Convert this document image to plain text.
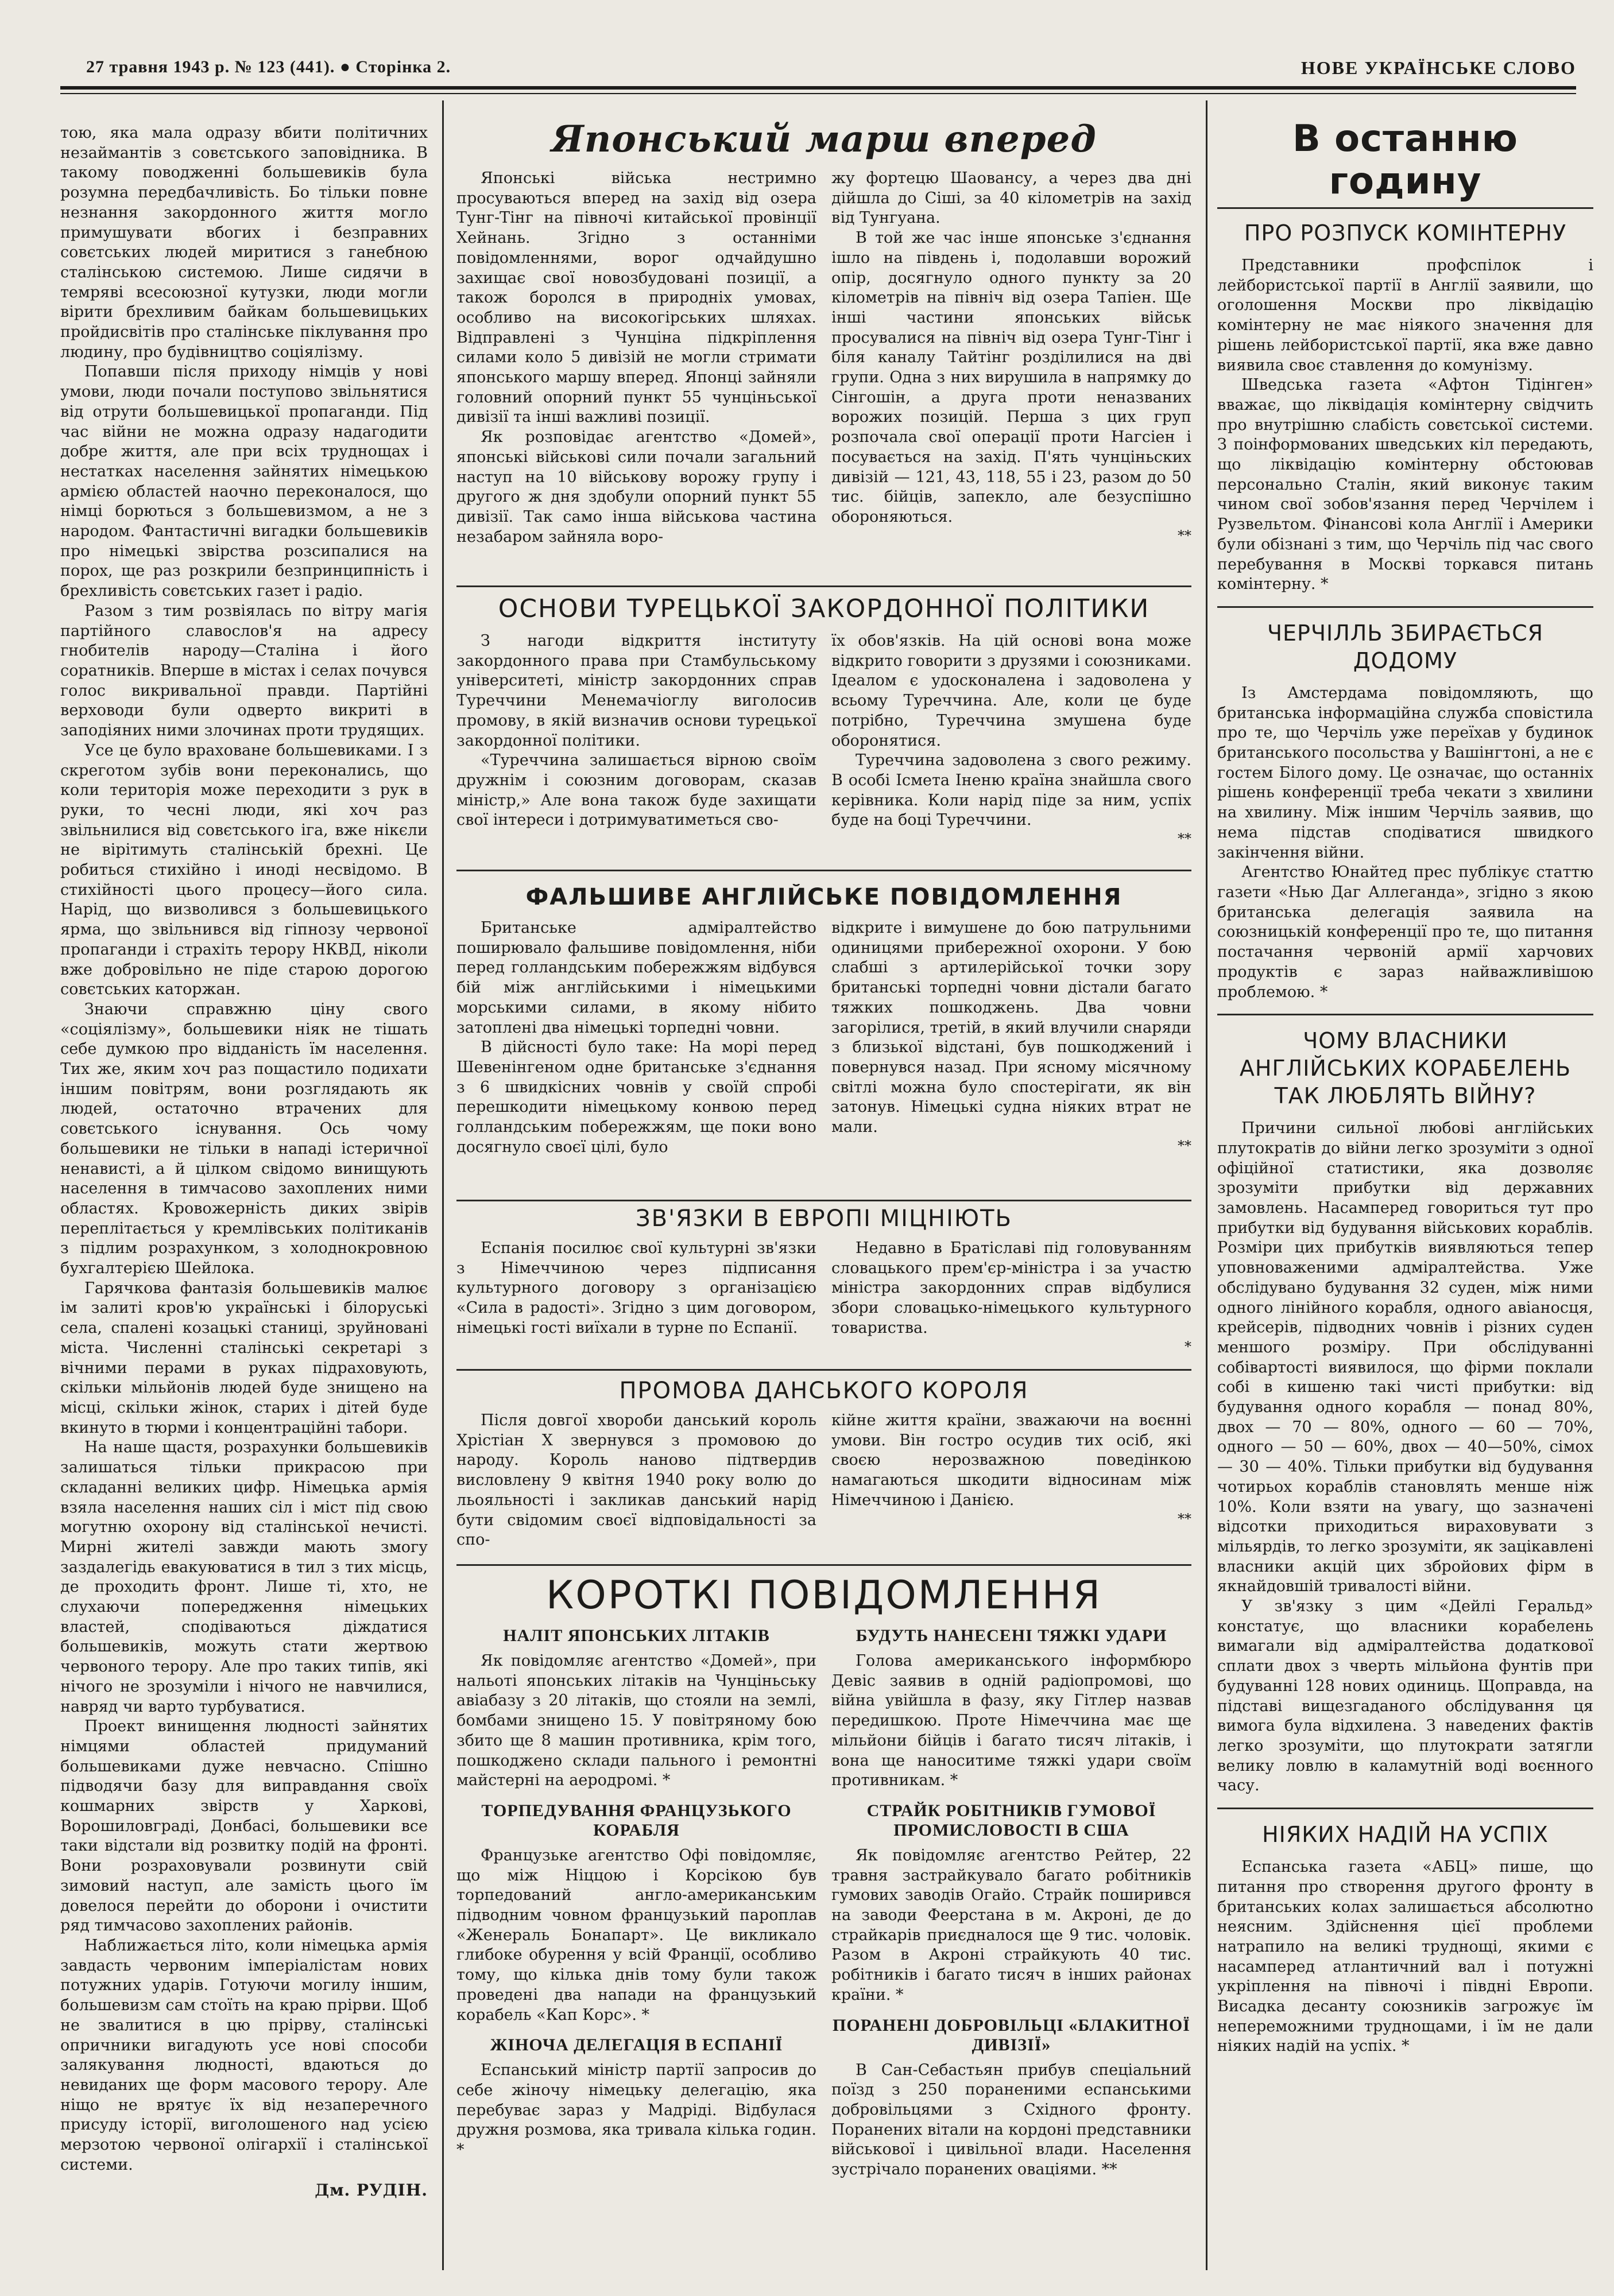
27 травня 1943 р. № 123 (441). ● Сторінка 2.	НОВЕ УКРАЇНСЬКЕ СЛОВО

тою, яка мала одразу вбити політичних незаймантів з совєтського заповідника. В такому поводженні большевиків була розумна передбачливість. Бо тільки повне незнання закордонного життя могло примушувати вбогих і безправних совєтських людей миритися з ганебною сталінською системою. Лише сидячи в темряві всесоюзної кутузки, люди могли вірити брехливим байкам большевицьких пройдисвітів про сталінське піклування про людину, про будівництво соціялізму.

Попавши після приходу німців у нові умови, люди почали поступово звільнятися від отрути большевицької пропаганди. Під час війни не можна одразу надагодити добре життя, але при всіх труднощах і нестатках населення зайнятих німецькою армією областей наочно переконалося, що німці борються з большевизмом, а не з народом. Фантастичні вигадки большевиків про німецькі звірства розсипалися на порох, ще раз розкрили безпринципність і брехливість совєтських газет і радіо.

Разом з тим розвіялась по вітру магія партійного славослов'я на адресу гнобителів народу—Сталіна і його соратників. Вперше в містах і селах почувся голос викривальної правди. Партійні верховоди були одверто викриті в заподіяних ними злочинах проти трудящих.

Усе це було враховане большевиками. І з скреготом зубів вони переконались, що коли територія може переходити з рук в руки, то чесні люди, які хоч раз звільнилися від совєтського іга, вже нікєли не вірітимуть сталінській брехні. Це робиться стихійно і иноді несвідомо. В стихійності цього процесу—його сила. Нарід, що визволився з большевицького ярма, що звільнився від гіпнозу червоної пропаганди і страхіть терору НКВД, ніколи вже добровільно не піде старою дорогою совєтських каторжан.

Знаючи справжню ціну свого «соціялізму», большевики ніяк не тішать себе думкою про відданість їм населення. Тих же, яким хоч раз пощастило подихати іншим повітрям, вони розглядають як людей, остаточно втрачених для совєтського існування. Ось чому большевики не тільки в нападі істеричної ненависті, а й цілком свідомо винищують населення в тимчасово захоплених ними областях. Кровожерність диких звірів переплітається у кремлівських політиканів з підлим розрахунком, з холоднокровною бухгалтерією Шейлока.

Гарячкова фантазія большевиків малює ім залиті кров'ю українські і білоруські села, спалені козацькі станиці, зруйновані міста. Численні сталінські секретарі з вічними перами в руках підраховують, скільки мільйонів людей буде знищено на місці, скільки жінок, старих і дітей буде вкинуто в тюрми і концентраційні табори.

На наше щастя, розрахунки большевиків залишаться тільки прикрасою при складанні великих цифр. Німецька армія взяла населення наших сіл і міст під свою могутню охорону від сталінської нечисті. Мирні жителі завжди мають змогу заздалегідь евакуюватися в тил з тих місць, де проходить фронт. Лише ті, хто, не слухаючи попередження німецьких властей, сподіваються діждатися большевиків, можуть стати жертвою червоного терору. Але про таких типів, які нічого не зрозуміли і нічого не навчилися, навряд чи варто турбуватися.

Проект винищення людності зайнятих німцями областей придуманий большевиками дуже невчасно. Спішно підводячи базу для виправдання своїх кошмарних звірств у Харкові, Ворошиловграді, Донбасі, большевики все таки відстали від розвитку подій на фронті. Вони розраховували розвинути свій зимовий наступ, але замість цього їм довелося перейти до оборони і очистити ряд тимчасово захоплених районів.

Наближається літо, коли німецька армія завдасть червоним імперіалістам нових потужних ударів. Готуючи могилу іншим, большевизм сам стоїть на краю прірви. Щоб не звалитися в цю прірву, сталінські опричники вигадують усе нові способи залякування людності, вдаються до невиданих ще форм масового терору. Але ніщо не врятує їх від незаперечного присуду історії, виголошеного над усією мерзотою червоної олігархії і сталінської системи.

Дм. РУДІН.
Японський марш вперед

Японські війська нестримно просуваються вперед на захід від озера Тунг-Тінг на півночі китайської провінції Хейнань. Згідно з останніми повідомленнями, ворог одчайдушно захищає свої новозбудовані позиції, а також боролся в природніх умовах, особливо на високогірських шляхах. Відправлені з Чунціна підкріплення силами коло 5 дивізій не могли стримати японського маршу вперед. Японці зайняли головний опорний пункт 55 чунціньської дивізії та інші важливі позиції.

Як розповідає агентство «Домей», японські військові сили почали загальний наступ на 10 військову ворожу групу і другого ж дня здобули опорний пункт 55 дивізії. Так само інша військова частина незабаром зайняла воро-

жу фортецю Шаовансу, а через два дні дійшла до Сіші, за 40 кілометрів на захід від Тунгуана.

В той же час інше японське з'єднання ішло на південь і, подолавши ворожий опір, досягнуло одного пункту за 20 кілометрів на північ від озера Тапіен. Ще інші частини японських військ просувалися на північ від озера Тунг-Тінг і біля каналу Тайтінг розділилися на дві групи. Одна з них вирушила в напрямку до Сінгошін, а друга проти неназваних ворожих позицій. Перша з цих груп розпочала свої операції проти Нагсіен і посувається на захід. П'ять чунціньских дивізій — 121, 43, 118, 55 і 23, разом до 50 тис. бійців, запекло, але безуспішно обороняються.

**
ОСНОВИ ТУРЕЦЬКОЇ ЗАКОРДОННОЇ ПОЛІТИКИ

З нагоди відкриття інституту закордонного права при Стамбульському університеті, міністр закордонних справ Туреччини Менемачіоглу виголосив промову, в якій визначив основи турецької закордонної політики.

«Туреччина залишається вірною своїм дружнім і союзним договорам, сказав міністр,» Але вона також буде захищати свої інтереси і дотримуватиметься сво-

їх обов'язків. На цій основі вона може відкрито говорити з друзями і союзниками. Ідеалом є удосконалена і задоволена у всьому Туреччина. Але, коли це буде потрібно, Туреччина змушена буде оборонятися.

Туреччина задоволена з свого режиму. В особі Ісмета Іненю країна знайшла свого керівника. Коли нарід піде за ним, успіх буде на боці Туреччини.

**
ФАЛЬШИВЕ АНГЛІЙСЬКЕ ПОВІДОМЛЕННЯ

Британське адміралтейство поширювало фальшиве повідомлення, ніби перед голландським побережжям відбувся бій між англійськими і німецькими морськими силами, в якому нібито затоплені два німецькі торпедні човни.

В дійсності було таке: На морі перед Шевенінгеном одне британське з'єднання з 6 швидкісних човнів у своїй спробі перешкодити німецькому конвою перед голландським побережжям, ще поки воно досягнуло своєї цілі, було

відкрите і вимушене до бою патрульними одиницями прибережної охорони. У бою слабші з артилерійської точки зору британські торпедні човни дістали багато тяжких пошкоджень. Два човни загорілися, третій, в який влучили снаряди з близької відстані, був пошкоджений і повернувся назад. При ясному місячному світлі можна було спостерігати, як він затонув. Німецькі судна ніяких втрат не мали.

**
ЗВ'ЯЗКИ В ЕВРОПІ МІЦНІЮТЬ

Еспанія посилює свої культурні зв'язки з Німеччиною через підписання культурного договору з організацією «Сила в радості». Згідно з цим договором, німецькі гості виїхали в турне по Еспанії.

Недавно в Братіславі під головуванням словацького прем'єр-міністра і за участю міністра закордонних справ відбулися збори словацько-німецького культурного товариства.

*
ПРОМОВА ДАНСЬКОГО КОРОЛЯ

Після довгої хвороби данський король Хрістіан Х звернувся з промовою до народу. Король наново підтвердив висловлену 9 квітня 1940 року волю до льояльності і закликав данський нарід бути свідомим своєї відповідальності за спо-

кійне життя країни, зважаючи на воєнні умови. Він гостро осудив тих осіб, які своєю нерозважною поведінкою намагаються шкодити відносинам між Німеччиною і Данією.

**
КОРОТКІ ПОВІДОМЛЕННЯ
НАЛІТ ЯПОНСЬКИХ ЛІТАКІВ

Як повідомляє агентство «Домей», при нальоті японських літаків на Чунціньську авіабазу з 20 літаків, що стояли на землі, бомбами знищено 15. У повітряному бою збито ще 8 машин противника, крім того, пошкоджено склади пального і ремонтні майстерні на аеродромі. *

ТОРПЕДУВАННЯ ФРАНЦУЗЬКОГО КОРАБЛЯ

Французьке агентство Офі повідомляє, що між Ніццою і Корсікою був торпедований англо-американським підводним човном французький пароплав «Женераль Бонапарт». Це викликало глибоке обурення у всій Франції, особливо тому, що кілька днів тому були також проведені два напади на французький корабель «Кап Корс». *

ЖІНОЧА ДЕЛЕГАЦІЯ В ЕСПАНІЇ

Еспанський міністр партії запросив до себе жіночу німецьку делегацію, яка перебуває зараз у Мадріді. Відбулася дружня розмова, яка тривала кілька годин. *

БУДУТЬ НАНЕСЕНІ ТЯЖКІ УДАРИ

Голова американського інформбюро Девіс заявив в одній радіопромові, що війна увійшла в фазу, яку Гітлер назвав передишкою. Проте Німеччина має ще мільйони бійців і багато тисяч літаків, і вона ще наноситиме тяжкі удари своїм противникам. *

СТРАЙК РОБІТНИКІВ ГУМОВОЇ ПРОМИСЛОВОСТІ В США

Як повідомляє агентство Рейтер, 22 травня застрайкувало багато робітників гумових заводів Огайо. Страйк поширився на заводи Феерстана в м. Акроні, де до страйкарів приєдналося ще 9 тис. чоловік. Разом в Акроні страйкують 40 тис. робітників і багато тисяч в інших районах країни. *

ПОРАНЕНІ ДОБРОВІЛЬЦІ «БЛАКИТНОЇ ДИВІЗІЇ»

В Сан-Себастьян прибув спеціальний поїзд з 250 пораненими еспанськими добровільцями з Східного фронту. Поранених вітали на кордоні представники військової і цивільної влади. Населення зустрічало поранених оваціями. **

В останню годину
ПРО РОЗПУСК КОМІНТЕРНУ

Представники профспілок і лейбористської партії в Англії заявили, що оголошення Москви про ліквідацію комінтерну не має ніякого значення для рішень лейбористської партії, яка вже давно виявила своє ставлення до комунізму.

Шведська газета «Афтон Тідінген» вважає, що ліквідація комінтерну свідчить про внутрішню слабість совєтської системи. З поінформованих шведських кіл передають, що ліквідацію комінтерну обстоював персонально Сталін, який виконує таким чином свої зобов'язання перед Черчілем і Рузвельтом. Фінансові кола Англії і Америки були обізнані з тим, що Черчіль під час свого перебування в Москві торкався питань комінтерну. *

ЧЕРЧІЛЛЬ ЗБИРАЄТЬСЯ ДОДОМУ

Із Амстердама повідомляють, що британська інформаційна служба сповістила про те, що Черчіль уже переїхав у будинок британського посольства у Вашінгтоні, а не є гостем Білого дому. Це означає, що останніх рішень конференції треба чекати з хвилини на хвилину. Між іншим Черчіль заявив, що нема підстав сподіватися швидкого закінчення війни.

Агентство Юнайтед прес публікує статтю газети «Нью Даг Аллеганда», згідно з якою британська делегація заявила на союзницькій конференції про те, що питання постачання червоній армії харчових продуктів є зараз найважливішою проблемою. *

ЧОМУ ВЛАСНИКИ АНГЛІЙСЬКИХ КОРАБЕЛЕНЬ ТАК ЛЮБЛЯТЬ ВІЙНУ?

Причини сильної любові англійських плутократів до війни легко зрозуміти з одної офіційної статистики, яка дозволяє зрозуміти прибутки від державних замовлень. Насамперед говориться тут про прибутки від будування військових кораблів. Розміри цих прибутків виявляються тепер уповноваженими адміралтейства. Уже обслідувано будування 32 суден, між ними одного лінійного корабля, одного авіаносця, крейсерів, підводних човнів і різних суден меншого розміру. При обслідуванні собівартості виявилося, що фірми поклали собі в кишеню такі чисті прибутки: від будування одного корабля — понад 80%, двох — 70 — 80%, одного — 60 — 70%, одного — 50 — 60%, двох — 40—50%, сімох — 30 — 40%. Тільки прибутки від будування чотирьох кораблів становлять менше ніж 10%. Коли взяти на увагу, що зазначені відсотки приходиться вираховувати з мільярдів, то легко зрозуміти, як зацікавлені власники акцій цих збройових фірм в якнайдовшій тривалості війни.

У зв'язку з цим «Дейлі Геральд» констатує, що власники корабелень вимагали від адміралтейства додаткової сплати двох з чверть мільйона фунтів при будуванні 128 нових одиниць. Щоправда, на підставі вищезгаданого обслідування ця вимога була відхилена. З наведених фактів легко зрозуміти, що плутократи затягли велику ловлю в каламутній воді воєнного часу.

НІЯКИХ НАДІЙ НА УСПІХ

Еспанська газета «АБЦ» пише, що питання про створення другого фронту в британських колах залишається абсолютно неясним. Здійснення цієї проблеми натрапило на великі труднощі, якими є насамперед атлантичний вал і потужні укріплення на півночі і півдні Европи. Висадка десанту союзників загрожує їм непереможними труднощами, і їм не дали ніяких надій на успіх. *
